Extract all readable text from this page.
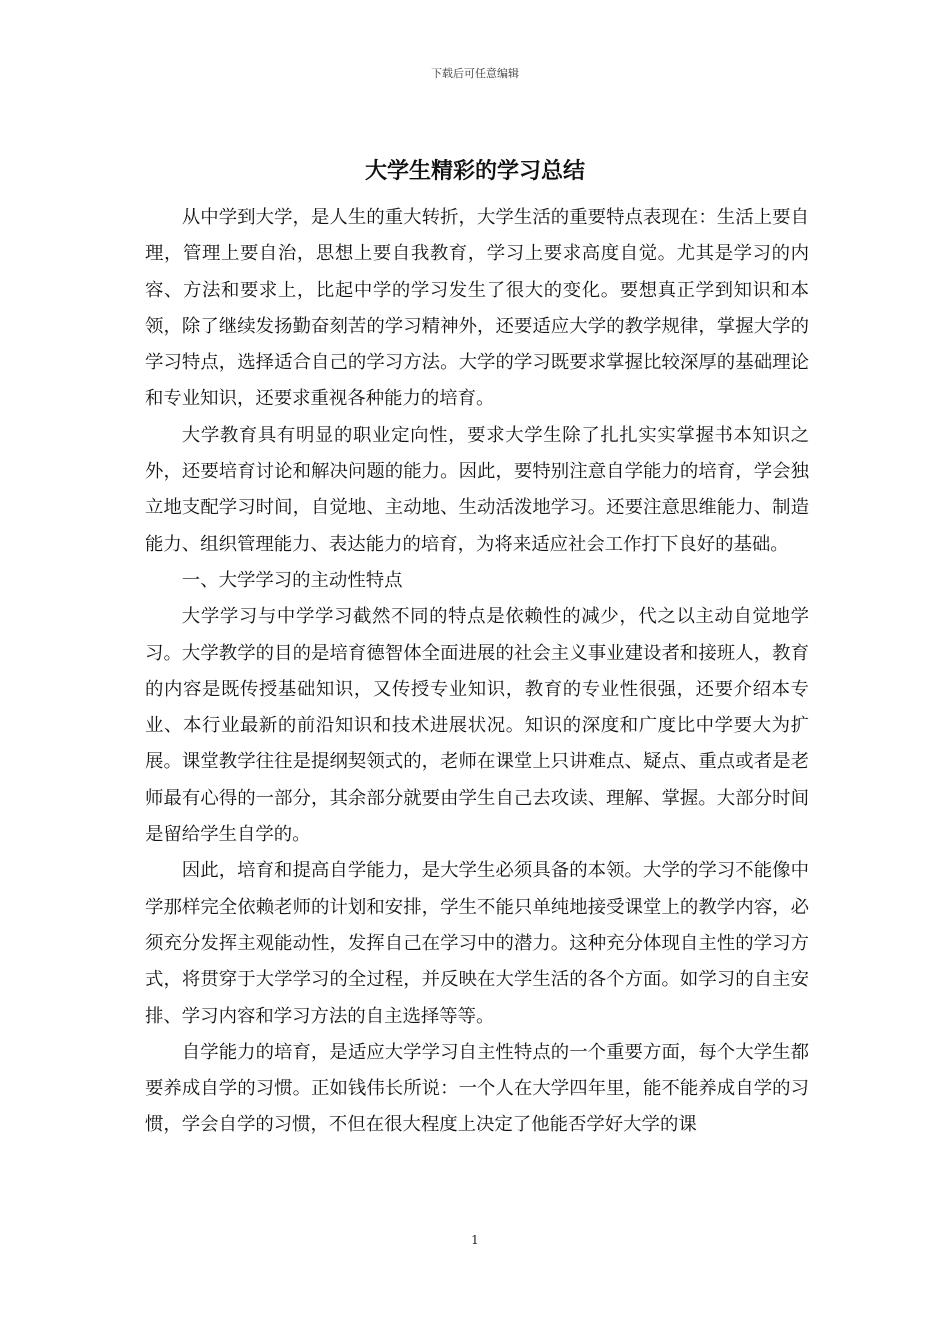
下载后可任意编辑
大学生精彩的学习总结

从中学到大学，是人生的重大转折，大学生活的重要特点表现在：生活上要自理，管理上要自治，思想上要自我教育，学习上要求高度自觉。尤其是学习的内容、方法和要求上，比起中学的学习发生了很大的变化。要想真正学到知识和本领，除了继续发扬勤奋刻苦的学习精神外，还要适应大学的教学规律，掌握大学的学习特点，选择适合自己的学习方法。大学的学习既要求掌握比较深厚的基础理论和专业知识，还要求重视各种能力的培育。

大学教育具有明显的职业定向性，要求大学生除了扎扎实实掌握书本知识之外，还要培育讨论和解决问题的能力。因此，要特别注意自学能力的培育，学会独立地支配学习时间，自觉地、主动地、生动活泼地学习。还要注意思维能力、制造能力、组织管理能力、表达能力的培育，为将来适应社会工作打下良好的基础。

一、大学学习的主动性特点

大学学习与中学学习截然不同的特点是依赖性的减少，代之以主动自觉地学习。大学教学的目的是培育德智体全面进展的社会主义事业建设者和接班人，教育的内容是既传授基础知识，又传授专业知识，教育的专业性很强，还要介绍本专业、本行业最新的前沿知识和技术进展状况。知识的深度和广度比中学要大为扩展。课堂教学往往是提纲契领式的，老师在课堂上只讲难点、疑点、重点或者是老师最有心得的一部分，其余部分就要由学生自己去攻读、理解、掌握。大部分时间是留给学生自学的。

因此，培育和提高自学能力，是大学生必须具备的本领。大学的学习不能像中学那样完全依赖老师的计划和安排，学生不能只单纯地接受课堂上的教学内容，必须充分发挥主观能动性，发挥自己在学习中的潜力。这种充分体现自主性的学习方式，将贯穿于大学学习的全过程，并反映在大学生活的各个方面。如学习的自主安排、学习内容和学习方法的自主选择等等。

自学能力的培育，是适应大学学习自主性特点的一个重要方面，每个大学生都要养成自学的习惯。正如钱伟长所说：一个人在大学四年里，能不能养成自学的习惯，学会自学的习惯，不但在很大程度上决定了他能否学好大学的课

1
